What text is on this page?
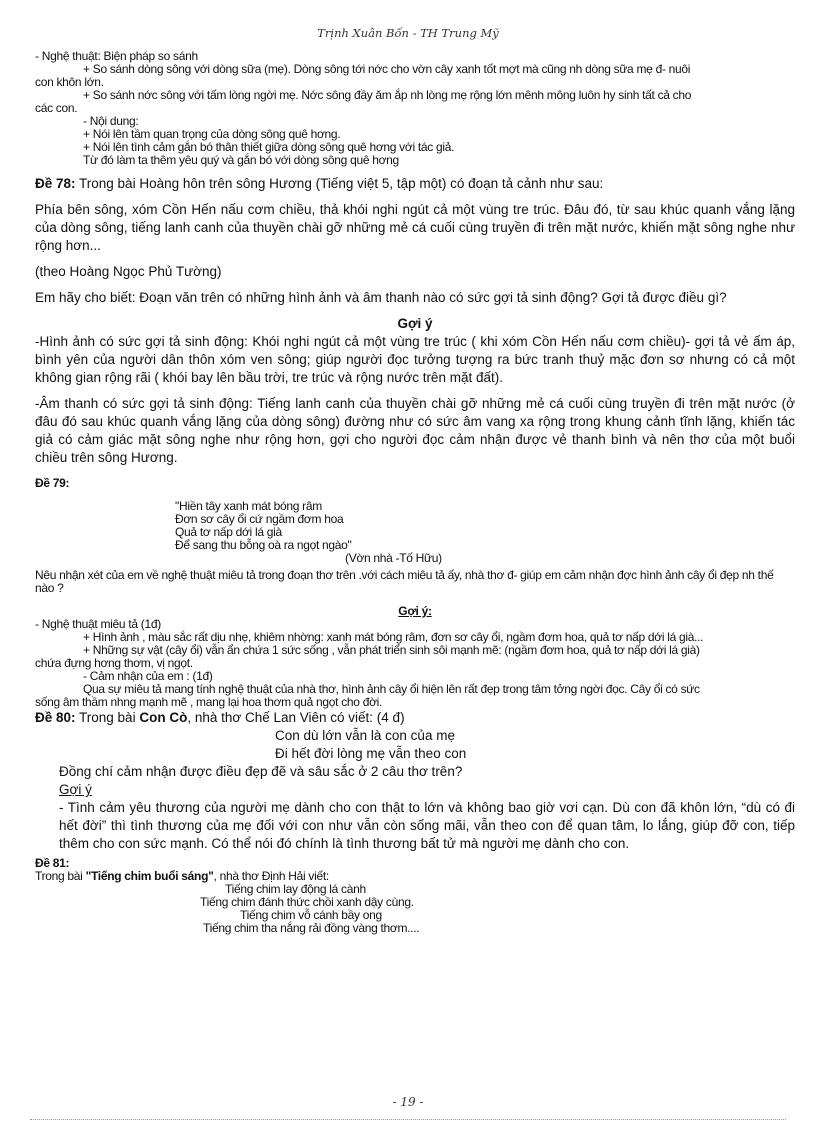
Trịnh Xuân Bốn - TH Trung Mỹ

- Nghệ thuật: Biện pháp so sánh

+ So sánh dòng sông với dòng sữa (mẹ). Dòng sông tới nớc cho vờn cây xanh tốt mợt mà cũng nh dòng sữa mẹ đ- nuôi

con khôn lớn.

+ So sánh nớc sông với tấm lòng ngời mẹ. Nớc sông đầy ăm ắp nh lòng mẹ rộng lớn mênh mông luôn hy sinh tất cả cho

các con.

- Nội dung:

+ Nói lên tầm quan trọng của dòng sông quê hơng.

+ Nói lên tình cảm gắn bó thân thiết giữa dòng sông quê hơng với tác giả.

Từ đó làm ta thêm yêu quý và gắn bó với dòng sông quê hơng

Đề 78: Trong bài Hoàng hôn trên sông Hương (Tiếng việt 5, tập một) có đoạn tả cảnh như sau:

Phía bên sông, xóm Cồn Hến nấu cơm chiều, thả khói nghi ngút cả một vùng tre trúc. Đâu đó, từ sau khúc quanh vắng lặng của dòng sông, tiếng lanh canh của thuyền chài gỡ những mẻ cá cuối cùng truyền đi trên mặt nước, khiến mặt sông nghe như rộng hơn...

(theo Hoàng Ngọc Phủ Tường)

Em hãy cho biết: Đoạn văn trên có những hình ảnh và âm thanh nào có sức gợi tả sinh động? Gợi tả được điều gì?

Gợi ý

-Hình ảnh có sức gợi tả sinh động: Khói nghi ngút cả một vùng tre trúc ( khi xóm Cồn Hến nấu cơm chiều)- gợi tả vẻ ấm áp, bình yên của người dân thôn xóm ven sông; giúp người đọc tưởng tượng ra bức tranh thuỷ mặc đơn sơ nhưng có cả một không gian rộng rãi ( khói bay lên bầu trời, tre trúc và rộng nước trên mặt đất).

-Âm thanh có sức gợi tả sinh động: Tiếng lanh canh của thuyền chài gỡ những mẻ cá cuối cùng truyền đi trên mặt nước (ở đâu đó sau khúc quanh vắng lặng của dòng sông) đường như có sức âm vang xa rộng trong khung cảnh tĩnh lặng, khiến tác giả có cảm giác mặt sông nghe như rộng hơn, gợi cho người đọc cảm nhận được vẻ thanh bình và nên thơ của một buổi chiều trên sông Hương.

Đề 79:

"Hiền tây xanh mát bóng râm

Đơn sơ cây ổi cứ ngầm đơm hoa

Quả tơ nấp dới lá già

Để sang thu bỗng oà ra ngọt ngào"

(Vờn nhà -Tố Hữu)

Nêu nhận xét của em về nghệ thuật miêu tả trong đoạn thơ trên .với cách miêu tả ấy, nhà thơ đ- giúp em cảm nhận đợc hình ảnh cây ổi đẹp nh thế nào ?

Gợi ý:

- Nghệ thuật miêu tả (1đ)

+ Hình ảnh , màu sắc rất dịu nhẹ, khiêm nhờng: xanh mát bóng râm, đơn sơ cây ổi, ngầm đơm hoa, quả tơ nấp dới lá già...

+ Những sự vật (cây ổi) vẫn ẩn chứa 1 sức sống , vẫn phát triển sinh sôi mạnh mẽ: (ngầm đơm hoa, quả tơ nấp dới lá già)

chứa đựng hơng thơm, vị ngọt.

- Cảm nhận của em : (1đ)

Qua sự miêu tả mang tính nghệ thuật của nhà thơ, hình ảnh cây ổi hiện lên rất đẹp trong tâm tởng ngời đọc. Cây ổi có sức

sống âm thầm nhng mạnh mẽ , mang lại hoa thơm quả ngọt cho đời.

Đề 80: Trong bài Con Cò, nhà thơ Chế Lan Viên có viết: (4 đ)

Con dù lớn vẫn là con của mẹ

Đi hết đời lòng mẹ vẫn theo con

Đồng chí cảm nhận được điều đẹp đẽ và sâu sắc ở 2 câu thơ trên?

Gợi ý

- Tình cảm yêu thương của người mẹ dành cho con thật to lớn và không bao giờ vơi cạn. Dù con đã khôn lớn, “dù có đi hết đời” thì tình thương của mẹ đối với con như vẫn còn sống mãi, vẫn theo con để quan tâm, lo lắng, giúp đỡ con, tiếp thêm cho con sức mạnh. Có thể nói đó chính là tình thương bất tử mà người mẹ dành cho con.

Đề 81:

Trong bài "Tiếng chim buổi sáng", nhà thơ Định Hải viết:

Tiếng chim lay động lá cành

Tiếng chim đánh thức chồi xanh dậy cùng.

Tiếng chim vỗ cánh bầy ong

Tiếng chim tha nắng rải đồng vàng thơm....

- 19 -
